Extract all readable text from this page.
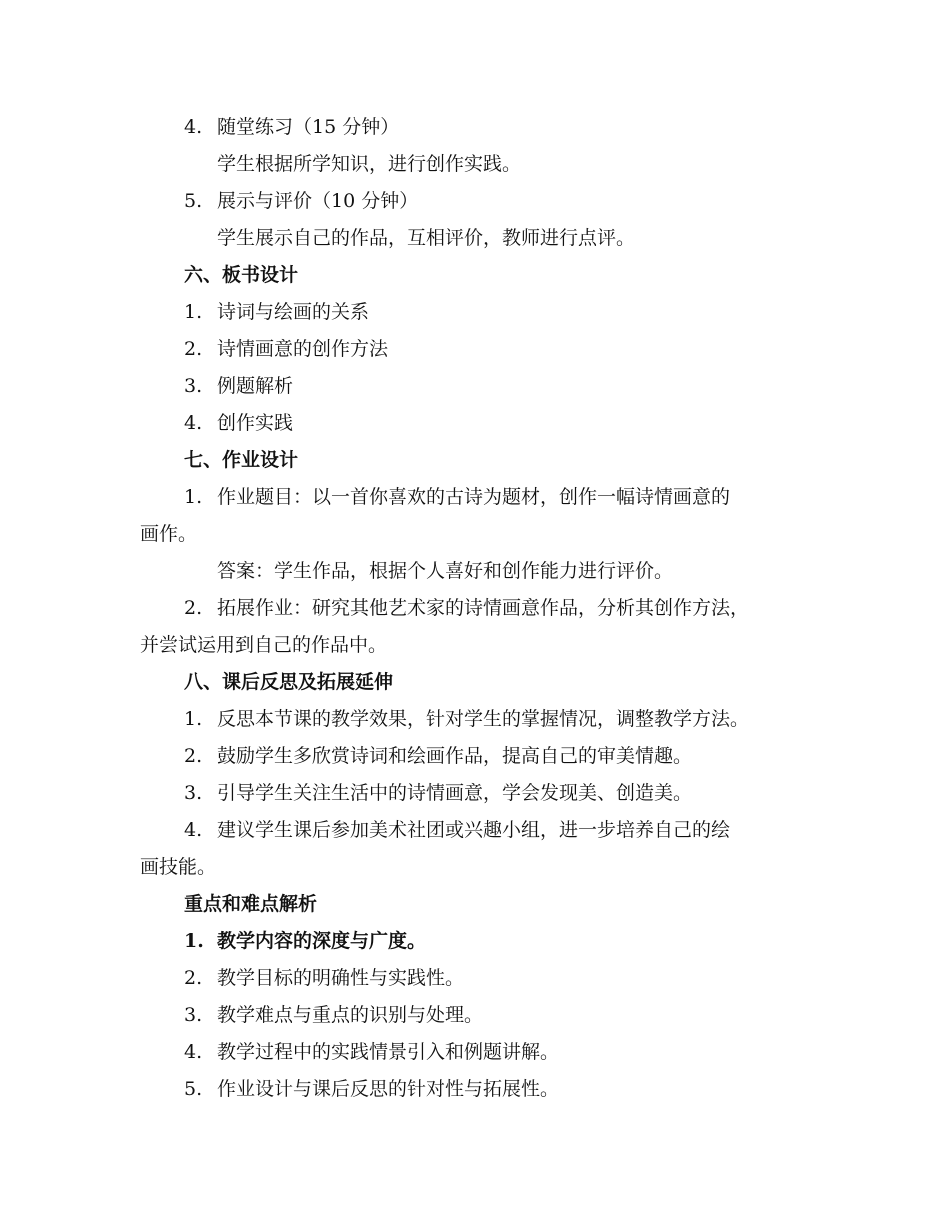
4. 随堂练习（15 分钟）
学生根据所学知识，进行创作实践。
5. 展示与评价（10 分钟）
学生展示自己的作品，互相评价，教师进行点评。
六、板书设计
1. 诗词与绘画的关系
2. 诗情画意的创作方法
3. 例题解析
4. 创作实践
七、作业设计
1. 作业题目：以一首你喜欢的古诗为题材，创作一幅诗情画意的
画作。
答案：学生作品，根据个人喜好和创作能力进行评价。
2. 拓展作业：研究其他艺术家的诗情画意作品，分析其创作方法，
并尝试运用到自己的作品中。
八、课后反思及拓展延伸
1. 反思本节课的教学效果，针对学生的掌握情况，调整教学方法。
2. 鼓励学生多欣赏诗词和绘画作品，提高自己的审美情趣。
3. 引导学生关注生活中的诗情画意，学会发现美、创造美。
4. 建议学生课后参加美术社团或兴趣小组，进一步培养自己的绘
画技能。
重点和难点解析
1. 教学内容的深度与广度。
2. 教学目标的明确性与实践性。
3. 教学难点与重点的识别与处理。
4. 教学过程中的实践情景引入和例题讲解。
5. 作业设计与课后反思的针对性与拓展性。
